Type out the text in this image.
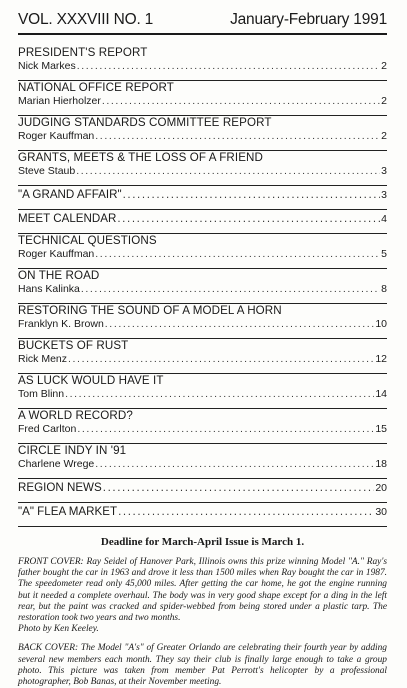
VOL. XXXVIII NO. 1	January-February 1991
PRESIDENT'S REPORT
Nick Markes .....	2
NATIONAL OFFICE REPORT
Marian Hierholzer .....	2
JUDGING STANDARDS COMMITTEE REPORT
Roger Kauffman .....	2
GRANTS, MEETS & THE LOSS OF A FRIEND
Steve Staub .....	3
"A GRAND AFFAIR" .....	3
MEET CALENDAR .....	4
TECHNICAL QUESTIONS
Roger Kauffman .....	5
ON THE ROAD
Hans Kalinka .....	8
RESTORING THE SOUND OF A MODEL A HORN
Franklyn K. Brown .....	10
BUCKETS OF RUST
Rick Menz .....	12
AS LUCK WOULD HAVE IT
Tom Blinn .....	14
A WORLD RECORD?
Fred Carlton .....	15
CIRCLE INDY IN '91
Charlene Wrege .....	18
REGION NEWS .....	20
"A" FLEA MARKET .....	30
Deadline for March-April Issue is March 1.

FRONT COVER: Ray Seidel of Hanover Park, Illinois owns this prize winning Model "A." Ray's father bought the car in 1963 and drove it less than 1500 miles when Ray bought the car in 1987. The speedometer read only 45,000 miles. After getting the car home, he got the engine running but it needed a complete overhaul. The body was in very good shape except for a ding in the left rear, but the paint was cracked and spider-webbed from being stored under a plastic tarp. The restoration took two years and two months.

Photo by Ken Keeley.

BACK COVER: The Model "A's" of Greater Orlando are celebrating their fourth year by adding several new members each month. They say their club is finally large enough to take a group photo. This picture was taken from member Pat Perrott's helicopter by a professional photographer, Bob Banas, at their November meeting.
